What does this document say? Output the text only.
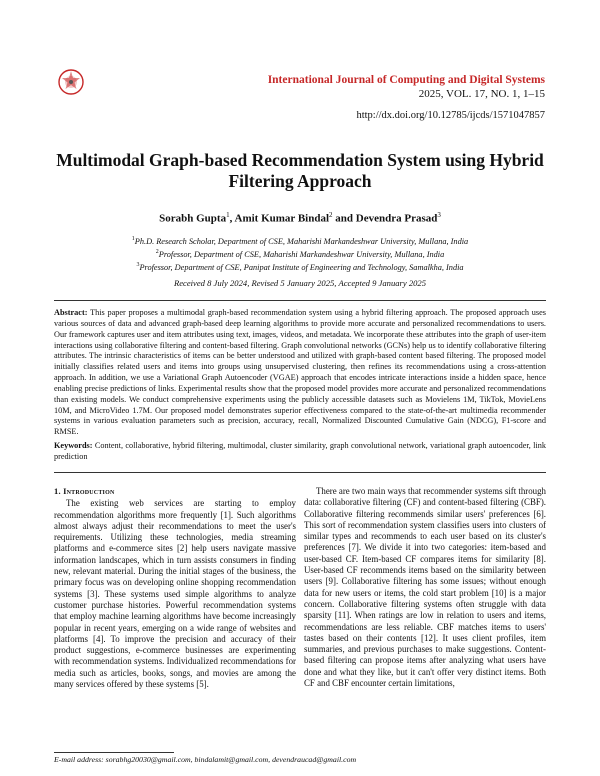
International Journal of Computing and Digital Systems
2025, VOL. 17, NO. 1, 1–15
http://dx.doi.org/10.12785/ijcds/1571047857
Multimodal Graph-based Recommendation System using Hybrid Filtering Approach
Sorabh Gupta$^1$, Amit Kumar Bindal$^2$ and Devendra Prasad$^3$
$^1$Ph.D. Research Scholar, Department of CSE, Maharishi Markandeshwar University, Mullana, India
$^2$Professor, Department of CSE, Maharishi Markandeshwar University, Mullana, India
$^3$Professor, Department of CSE, Panipat Institute of Engineering and Technology, Samalkha, India
Received 8 July 2024, Revised 5 January 2025, Accepted 9 January 2025
Abstract: This paper proposes a multimodal graph-based recommendation system using a hybrid filtering approach. The proposed approach uses various sources of data and advanced graph-based deep learning algorithms to provide more accurate and personalized recommendations to users. Our framework captures user and item attributes using text, images, videos, and metadata. We incorporate these attributes into the graph of user-item interactions using collaborative filtering and content-based filtering. Graph convolutional networks (GCNs) help us to identify collaborative filtering attributes. The intrinsic characteristics of items can be better understood and utilized with graph-based content based filtering. The proposed model initially classifies related users and items into groups using unsupervised clustering, then refines its recommendations using a cross-attention approach. In addition, we use a Variational Graph Autoencoder (VGAE) approach that encodes intricate interactions inside a hidden space, hence enabling precise predictions of links. Experimental results show that the proposed model provides more accurate and personalized recommendations than existing models. We conduct comprehensive experiments using the publicly accessible datasets such as Movielens 1M, TikTok, MovieLens 10M, and MicroVideo 1.7M. Our proposed model demonstrates superior effectiveness compared to the state-of-the-art multimedia recommender systems in various evaluation parameters such as precision, accuracy, recall, Normalized Discounted Cumulative Gain (NDCG), F1-score and RMSE.
Keywords: Content, collaborative, hybrid filtering, multimodal, cluster similarity, graph convolutional network, variational graph autoencoder, link prediction
1. Introduction

The existing web services are starting to employ recommendation algorithms more frequently [1]. Such algorithms almost always adjust their recommendations to meet the user's requirements. Utilizing these technologies, media streaming platforms and e-commerce sites [2] help users navigate massive information landscapes, which in turn assists consumers in finding new, relevant material. During the initial stages of the business, the primary focus was on developing online shopping recommendation systems [3]. These systems used simple algorithms to analyze customer purchase histories. Powerful recommendation systems that employ machine learning algorithms have become increasingly popular in recent years, emerging on a wide range of websites and platforms [4]. To improve the precision and accuracy of their product suggestions, e-commerce businesses are experimenting with recommendation systems. Individualized recommendations for media such as articles, books, songs, and movies are among the many services offered by these systems [5].

There are two main ways that recommender systems sift through data: collaborative filtering (CF) and content-based filtering (CBF). Collaborative filtering recommends similar users' preferences [6]. This sort of recommendation system classifies users into clusters of similar types and recommends to each user based on its cluster's preferences [7]. We divide it into two categories: item-based and user-based CF. Item-based CF compares items for similarity [8]. User-based CF recommends items based on the similarity between users [9]. Collaborative filtering has some issues; without enough data for new users or items, the cold start problem [10] is a major concern. Collaborative filtering systems often struggle with data sparsity [11]. When ratings are low in relation to users and items, recommendations are less reliable. CBF matches items to users' tastes based on their contents [12]. It uses client profiles, item summaries, and previous purchases to make suggestions. Content-based filtering can propose items after analyzing what users have done and what they like, but it can't offer very distinct items. Both CF and CBF encounter certain limitations,

E-mail address: sorabhg20030@gmail.com, bindalamit@gmail.com, devendraucad@gmail.com
